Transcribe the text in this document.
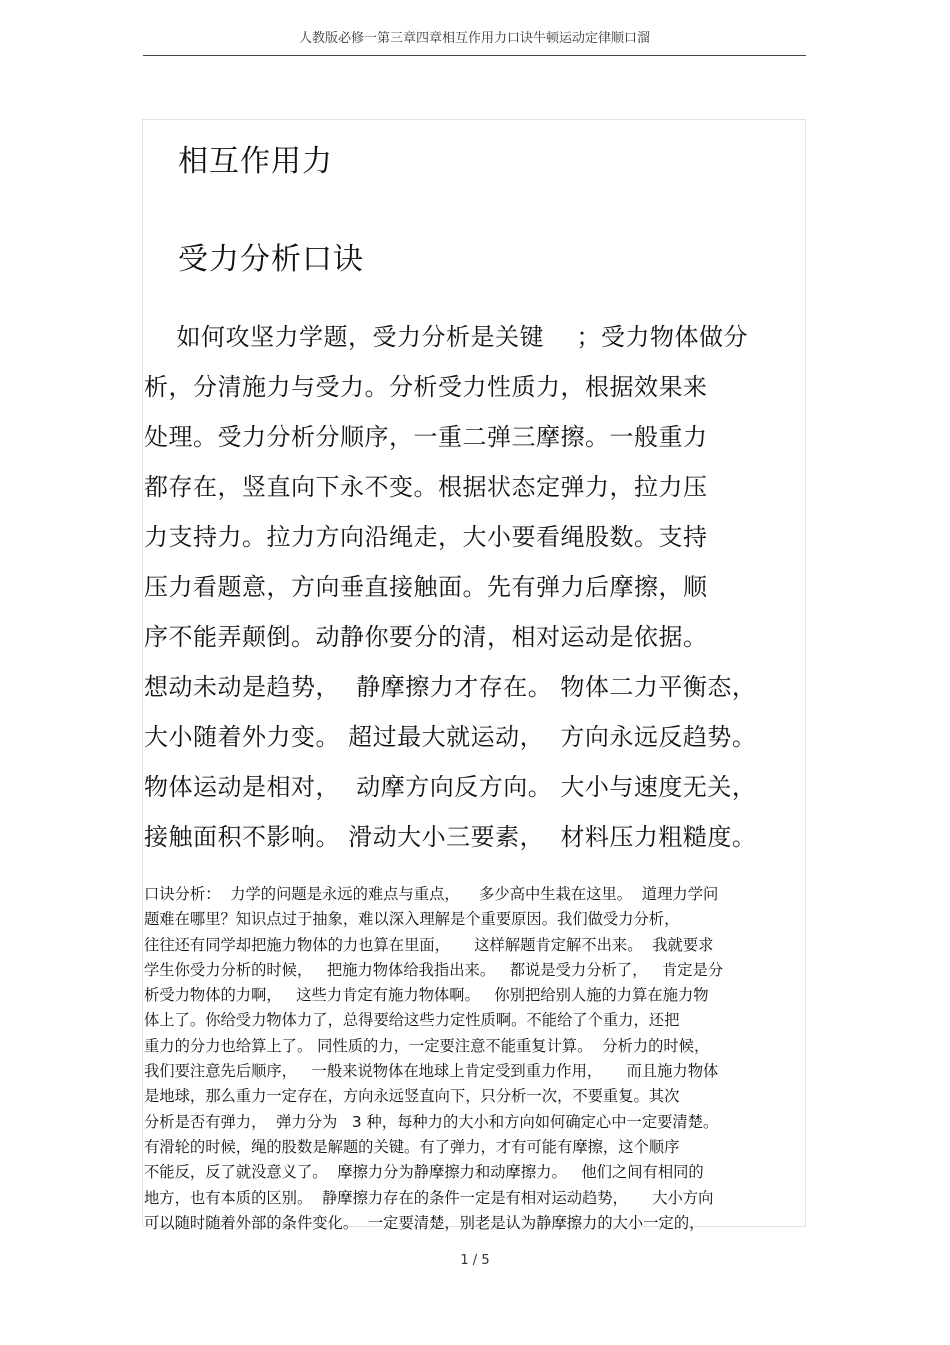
人教版必修一第三章四章相互作用力口诀牛顿运动定律顺口溜
相互作用力
受力分析口诀
如何攻坚力学题，受力分析是关键    ；受力物体做分
析，分清施力与受力。分析受力性质力，根据效果来
处理。受力分析分顺序，一重二弹三摩擦。一般重力
都存在，竖直向下永不变。根据状态定弹力，拉力压
力支持力。拉力方向沿绳走，大小要看绳股数。支持
压力看题意，方向垂直接触面。先有弹力后摩擦，顺
序不能弄颠倒。动静你要分的清，相对运动是依据。
想动未动是趋势，  静摩擦力才存在。 物体二力平衡态，
大小随着外力变。 超过最大就运动，  方向永远反趋势。
物体运动是相对，  动摩方向反方向。 大小与速度无关，
接触面积不影响。 滑动大小三要素，  材料压力粗糙度。
口诀分析：  力学的问题是永远的难点与重点，    多少高中生栽在这里。  道理力学问
题难在哪里？知识点过于抽象，难以深入理解是个重要原因。我们做受力分析，
往往还有同学却把施力物体的力也算在里面，     这样解题肯定解不出来。  我就要求
学生你受力分析的时候，   把施力物体给我指出来。   都说是受力分析了，   肯定是分
析受力物体的力啊，   这些力肯定有施力物体啊。   你别把给别人施的力算在施力物
体上了。你给受力物体力了，总得要给这些力定性质啊。不能给了个重力，还把
重力的分力也给算上了。 同性质的力，一定要注意不能重复计算。  分析力的时候，
我们要注意先后顺序，   一般来说物体在地球上肯定受到重力作用，     而且施力物体
是地球，那么重力一定存在，方向永远竖直向下，只分析一次，不要重复。其次
分析是否有弹力，  弹力分为   3 种，每种力的大小和方向如何确定心中一定要清楚。
有滑轮的时候，绳的股数是解题的关键。有了弹力，才有可能有摩擦，这个顺序
不能反，反了就没意义了。  摩擦力分为静摩擦力和动摩擦力。   他们之间有相同的
地方，也有本质的区别。  静摩擦力存在的条件一定是有相对运动趋势，     大小方向
可以随时随着外部的条件变化。  一定要清楚，别老是认为静摩擦力的大小一定的，
1 / 5
